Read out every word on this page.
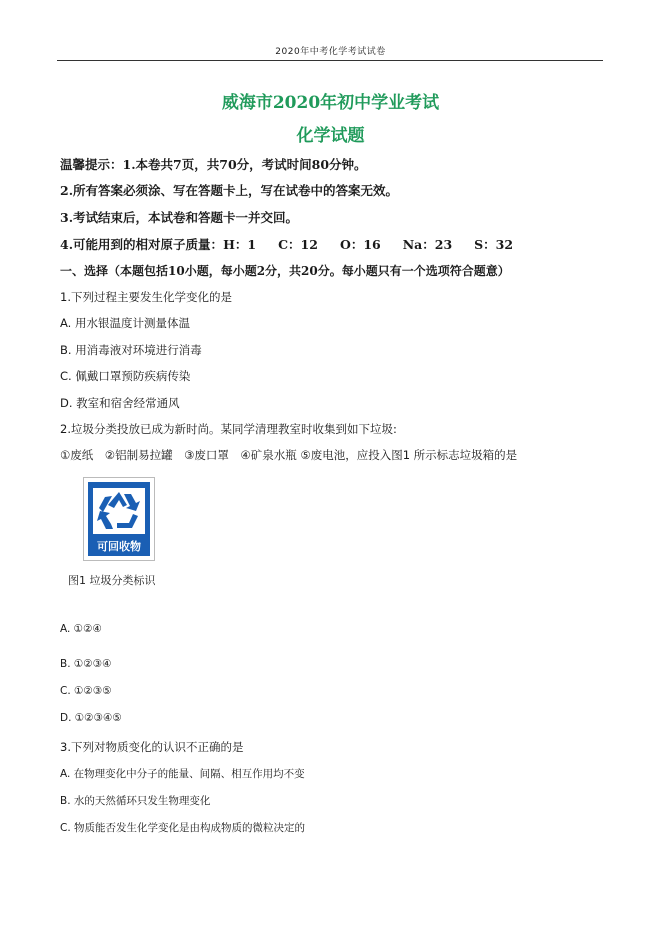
2020年中考化学考试试卷
威海市2020年初中学业考试
化学试题
温馨提示：1.本卷共7页，共70分，考试时间80分钟。
2.所有答案必须涂、写在答题卡上，写在试卷中的答案无效。
3.考试结束后，本试卷和答题卡一并交回。
4.可能用到的相对原子质量：H：1 C：12 O：16 Na：23 S：32
一、选择（本题包括10小题，每小题2分，共20分。每小题只有一个选项符合题意）
1.下列过程主要发生化学变化的是
A. 用水银温度计测量体温
B. 用消毒液对环境进行消毒
C. 佩戴口罩预防疾病传染
D. 教室和宿舍经常通风
2.垃圾分类投放已成为新时尚。某同学清理教室时收集到如下垃圾:
①废纸　②铝制易拉罐　③废口罩　④矿泉水瓶 ⑤废电池，应投入图1 所示标志垃圾箱的是
可回收物
图1 垃圾分类标识
A. ①②④
B. ①②③④
C. ①②③⑤
D. ①②③④⑤
3.下列对物质变化的认识不正确的是
A. 在物理变化中分子的能量、间隔、相互作用均不变
B. 水的天然循环只发生物理变化
C. 物质能否发生化学变化是由构成物质的微粒决定的
